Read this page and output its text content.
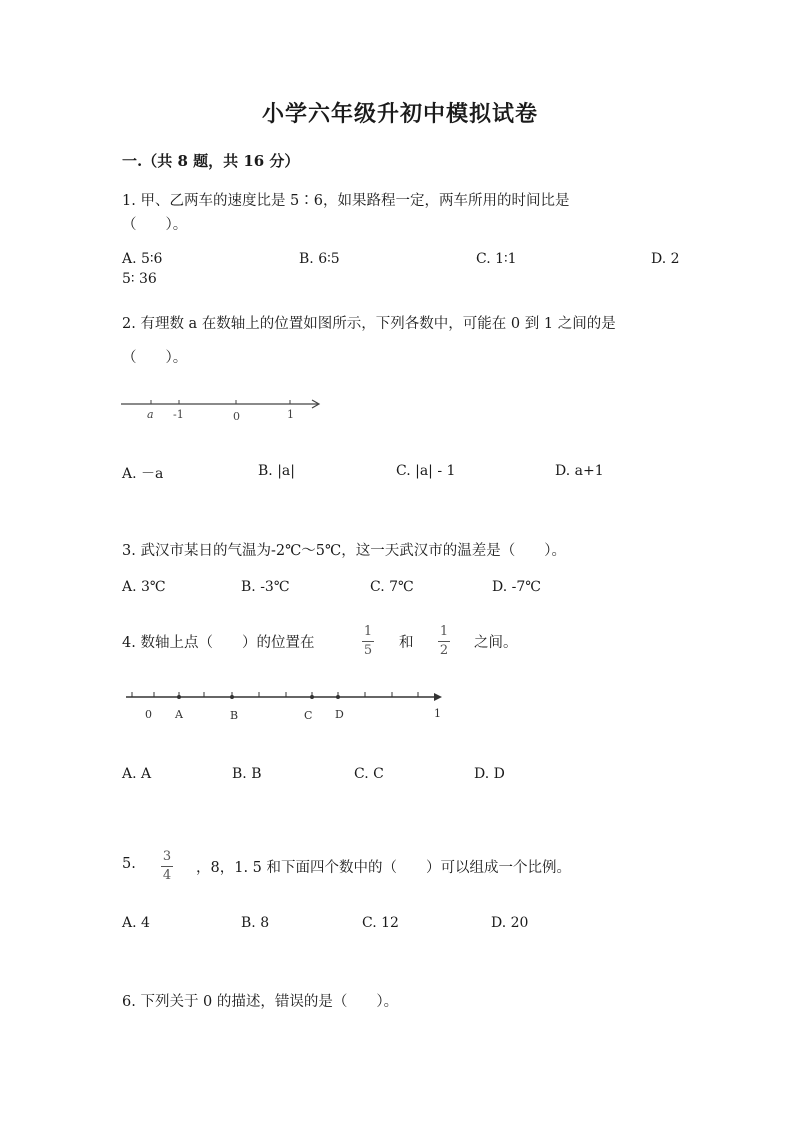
小学六年级升初中模拟试卷
一.（共 8 题，共 16 分）
1. 甲、乙两车的速度比是 5∶6，如果路程一定，两车所用的时间比是
（　　）。
A. 5∶6	B. 6∶5	C. 1∶1	D. 2
5∶ 36
2. 有理数 a 在数轴上的位置如图所示，下列各数中，可能在 0 到 1 之间的是
（　　）。
a -1	0	1
A. －a	B. |a|	C. |a| - 1	D. a+1
3. 武汉市某日的气温为-2℃～5℃，这一天武汉市的温差是（　　）。
A. 3℃	B. -3℃	C. 7℃	D. -7℃
4. 数轴上点（　　）的位置在
1
5 和
1
2 之间。
0 A	B	C D	1
A. A	B. B	C. C	D. D
5. 3
4 ，8，1. 5 和下面四个数中的（　　）可以组成一个比例。
A. 4	B. 8	C. 12	D. 20
6. 下列关于 0 的描述，错误的是（　　）。
